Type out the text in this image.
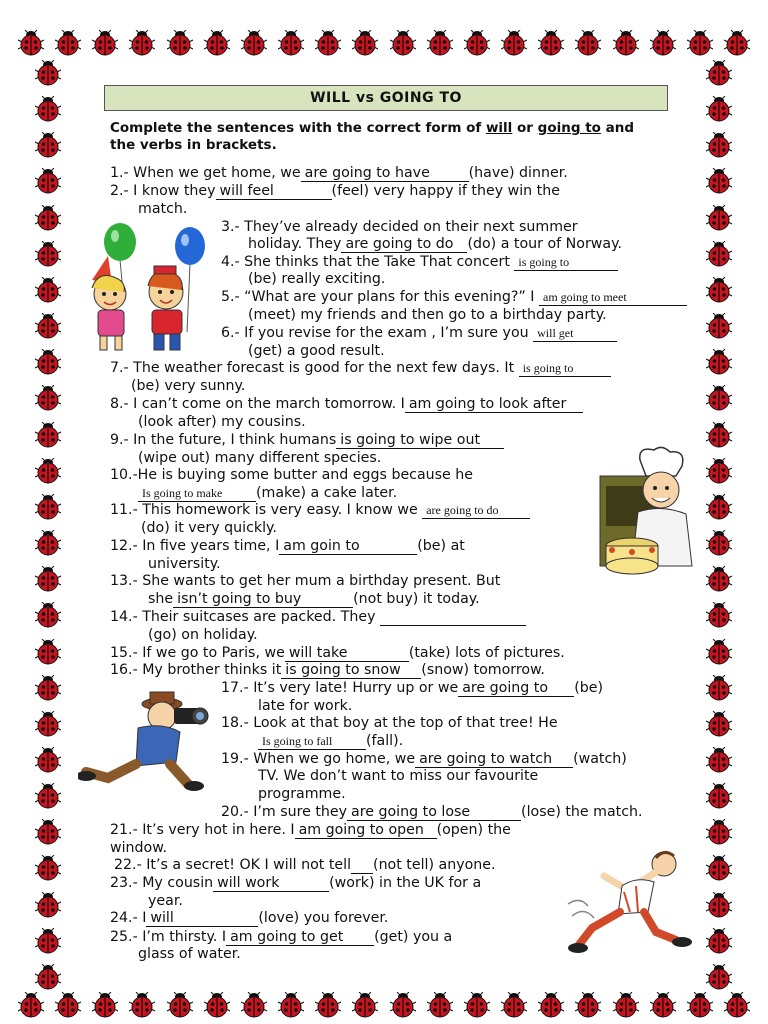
WILL vs GOING TO
Complete the sentences with the correct form of will or going to and
the verbs in brackets.
1.- When we get home, we are going to have	(have) dinner.
2.- I know they will feel	(feel) very happy if they win the
match.
3.- They’ve already decided on their next summer
holiday. They are going to do (do) a tour of Norway.
4.- She thinks that the Take That concert is going to
(be) really exciting.
5.- “What are your plans for this evening?” I am going to meet
(meet) my friends and then go to a birthday party.
6.- If you revise for the exam , I’m sure you will get
(get) a good result.
7.- The weather forecast is good for the next few days. It is going to
(be) very sunny.
8.- I can’t come on the march tomorrow. I am going to look after
(look after) my cousins.
9.- In the future, I think humans is going to wipe out
(wipe out) many different species.
10.-He is buying some butter and eggs because he
Is going to make (make) a cake later.
11.- This homework is very easy. I know we are going to do
(do) it very quickly.
12.- In five years time, I am goin to	(be) at
university.
13.- She wants to get her mum a birthday present. But
she isn’t going to buy	(not buy) it today.
14.- Their suitcases are packed. They
(go) on holiday.
15.- If we go to Paris, we will take	(take) lots of pictures.
16.- My brother thinks it is going to snow (snow) tomorrow.
17.- It’s very late! Hurry up or we are going to (be)
late for work.
18.- Look at that boy at the top of that tree! He
Is going to fall (fall).
19.- When we go home, we are going to watch (watch)
TV. We don’t want to miss our favourite
programme.
20.- I’m sure they are going to lose	(lose) the match.
21.- It’s very hot in here. I am going to open (open) the
window.
22.- It’s a secret! OK I will not tell (not tell) anyone.
23.- My cousin will work	(work) in the UK for a
year.
24.- I will	(love) you forever.
25.- I’m thirsty. I am going to get (get) you a
glass of water.
